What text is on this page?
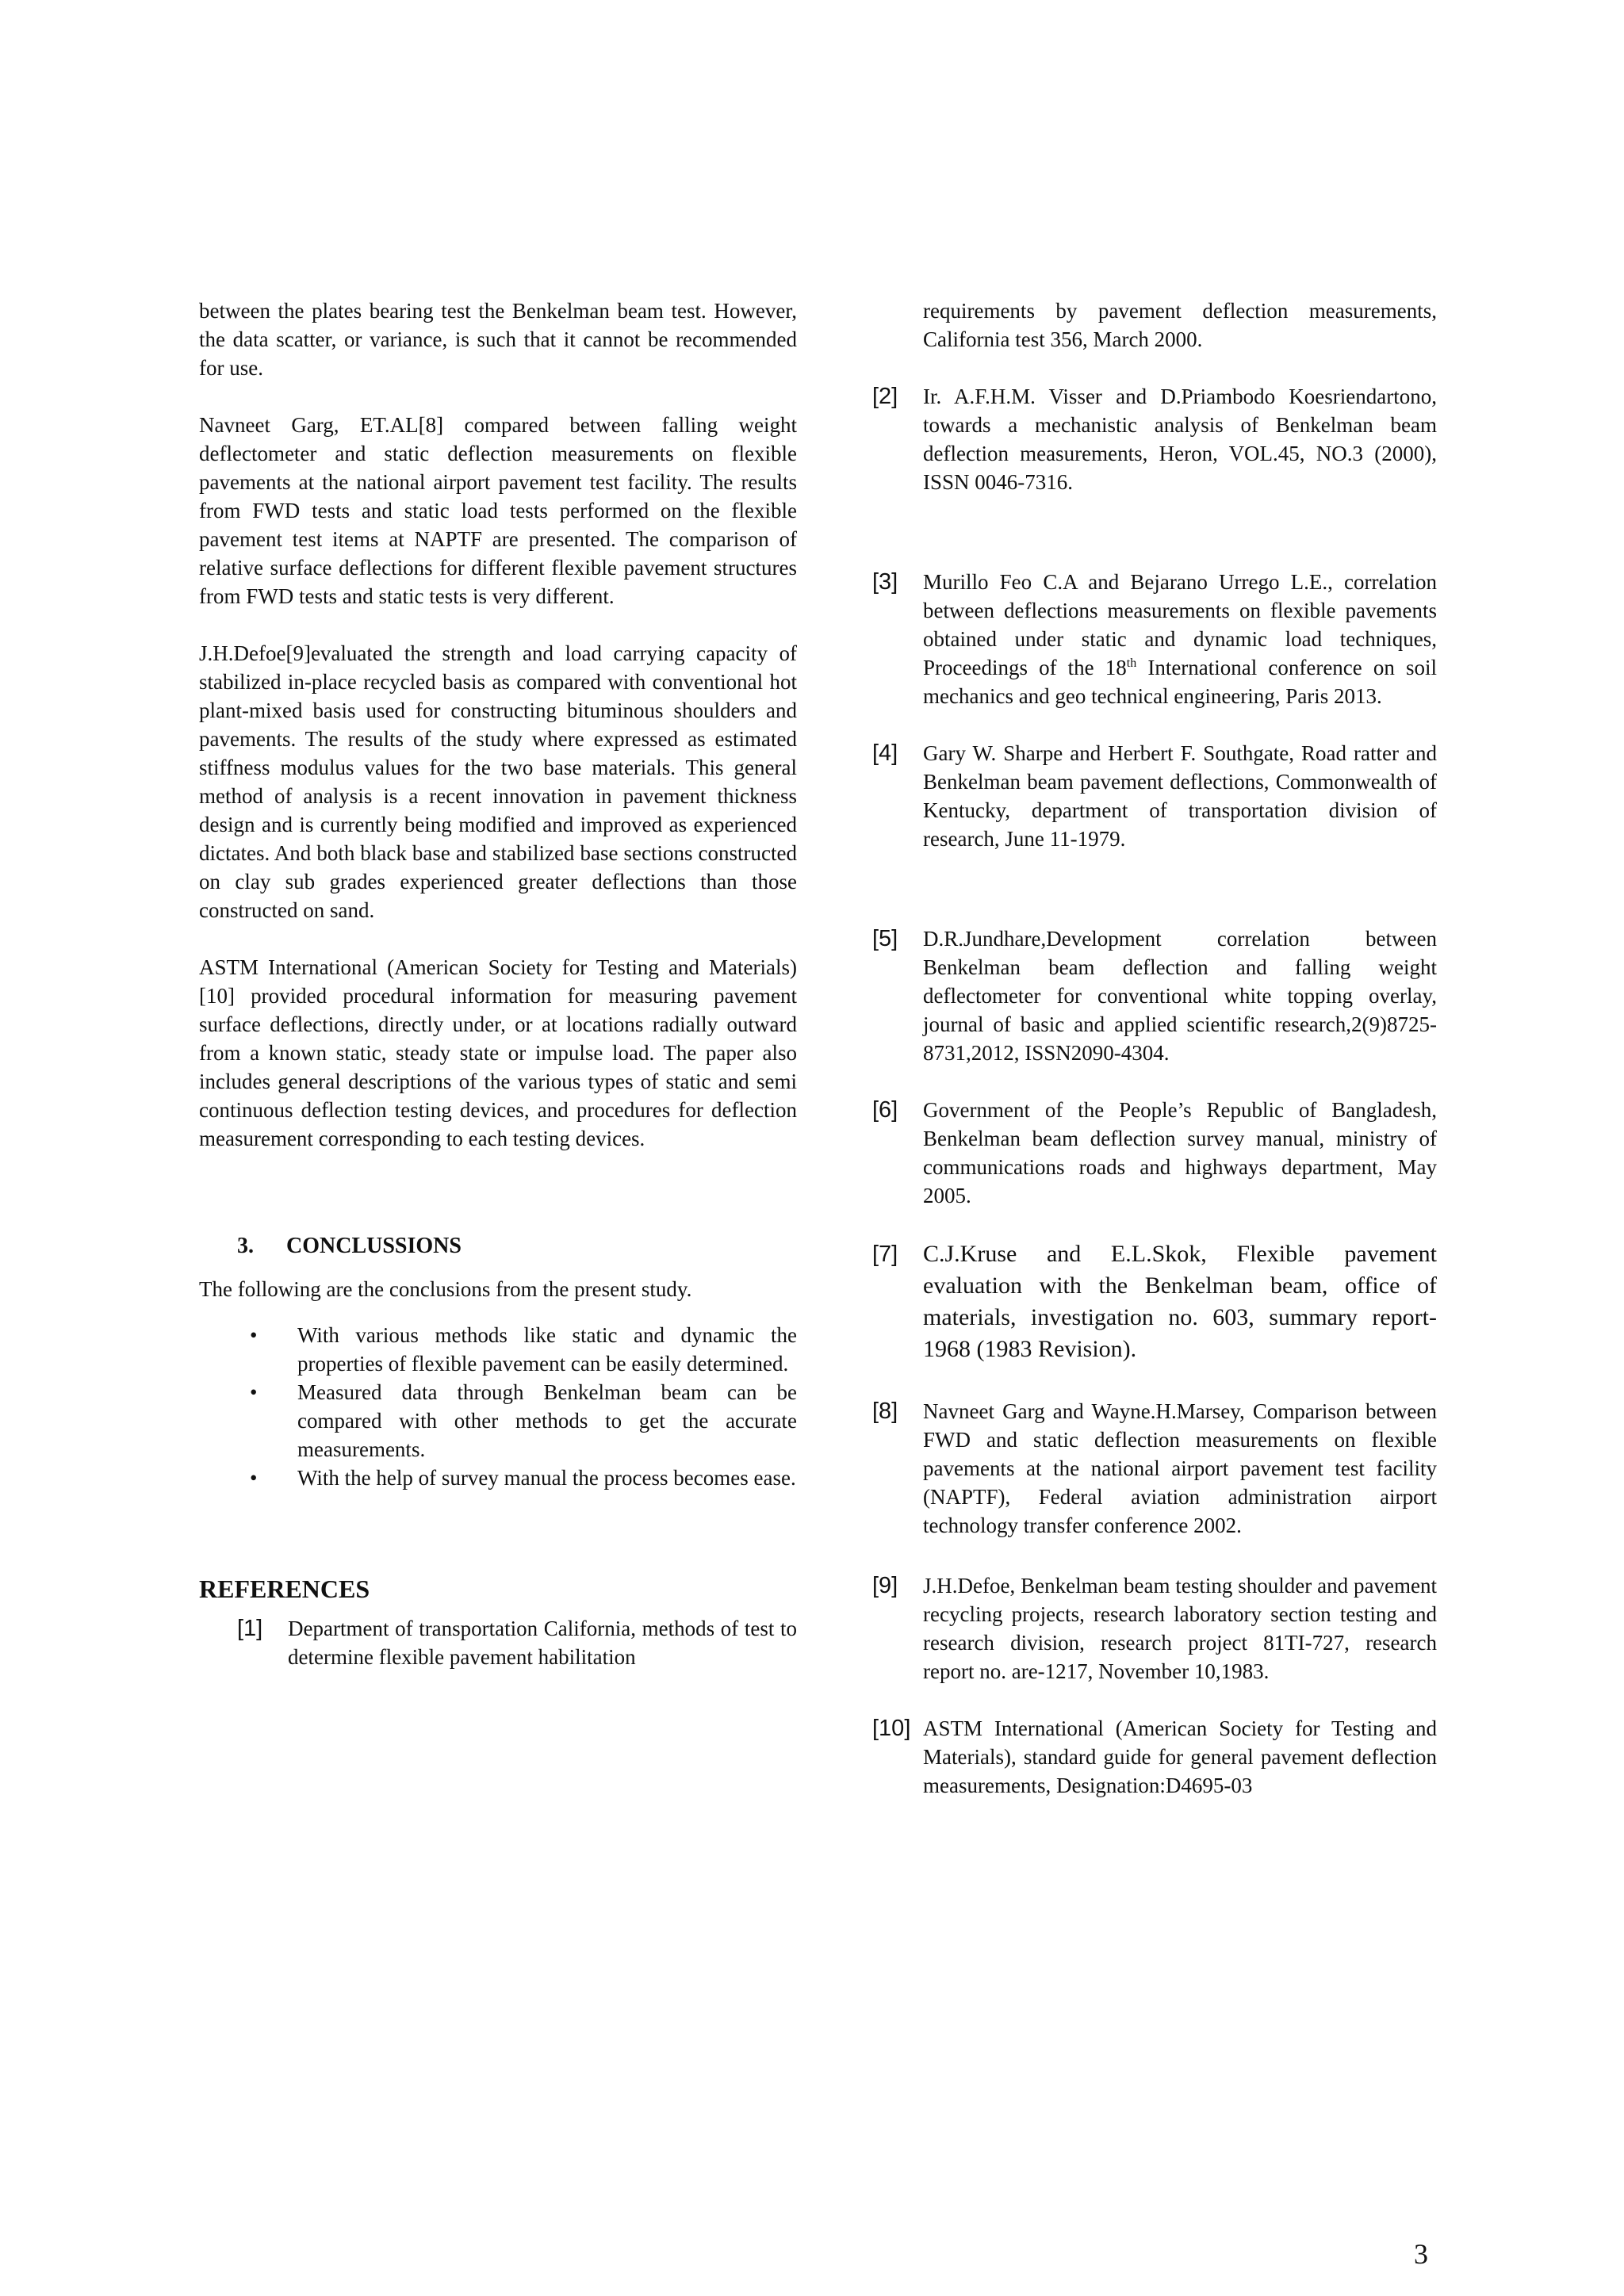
between the plates bearing test the Benkelman beam test. However, the data scatter, or variance, is such that it cannot be recommended for use.

Navneet Garg, ET.AL[8] compared between falling weight deflectometer and static deflection measurements on flexible pavements at the national airport pavement test facility. The results from FWD tests and static load tests performed on the flexible pavement test items at NAPTF are presented. The comparison of relative surface deflections for different flexible pavement structures from FWD tests and static tests is very different.

J.H.Defoe[9]evaluated the strength and load carrying capacity of stabilized in-place recycled basis as compared with conventional hot plant-mixed basis used for constructing bituminous shoulders and pavements. The results of the study where expressed as estimated stiffness modulus values for the two base materials. This general method of analysis is a recent innovation in pavement thickness design and is currently being modified and improved as experienced dictates. And both black base and stabilized base sections constructed on clay sub grades experienced greater deflections than those constructed on sand.

ASTM International (American Society for Testing and Materials) [10] provided procedural information for measuring pavement surface deflections, directly under, or at locations radially outward from a known static, steady state or impulse load. The paper also includes general descriptions of the various types of static and semi continuous deflection testing devices, and procedures for deflection measurement corresponding to each testing devices.

3. CONCLUSSIONS

The following are the conclusions from the present study.

• With various methods like static and dynamic the properties of flexible pavement can be easily determined.
• Measured data through Benkelman beam can be compared with other methods to get the accurate measurements.
• With the help of survey manual the process becomes ease.
REFERENCES
[1] Department of transportation California, methods of test to determine flexible pavement habilitation
requirements by pavement deflection measurements, California test 356, March 2000.
[2] Ir. A.F.H.M. Visser and D.Priambodo Koesriendartono, towards a mechanistic analysis of Benkelman beam deflection measurements, Heron, VOL.45, NO.3 (2000), ISSN 0046-7316.
[3] Murillo Feo C.A and Bejarano Urrego L.E., correlation between deflections measurements on flexible pavements obtained under static and dynamic load techniques, Proceedings of the 18th International conference on soil mechanics and geo technical engineering, Paris 2013.
[4] Gary W. Sharpe and Herbert F. Southgate, Road ratter and Benkelman beam pavement deflections, Commonwealth of Kentucky, department of transportation division of research, June 11-1979.
[5] D.R.Jundhare,Development correlation between Benkelman beam deflection and falling weight deflectometer for conventional white topping overlay, journal of basic and applied scientific research,2(9)8725-8731,2012, ISSN2090-4304.
[6] Government of the People’s Republic of Bangladesh, Benkelman beam deflection survey manual, ministry of communications roads and highways department, May 2005.
[7] C.J.Kruse and E.L.Skok, Flexible pavement evaluation with the Benkelman beam, office of materials, investigation no. 603, summary report-1968 (1983 Revision).
[8] Navneet Garg and Wayne.H.Marsey, Comparison between FWD and static deflection measurements on flexible pavements at the national airport pavement test facility (NAPTF), Federal aviation administration airport technology transfer conference 2002.
[9] J.H.Defoe, Benkelman beam testing shoulder and pavement recycling projects, research laboratory section testing and research division, research project 81TI-727, research report no. are-1217, November 10,1983.
[10] ASTM International (American Society for Testing and Materials), standard guide for general pavement deflection measurements, Designation:D4695-03
3
